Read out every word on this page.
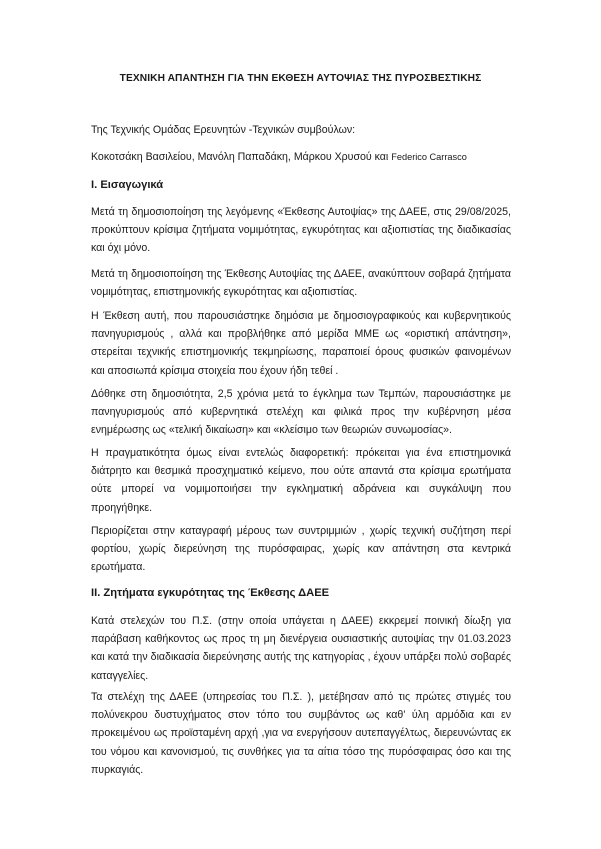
ΤΕΧΝΙΚΗ ΑΠΑΝΤΗΣΗ ΓΙΑ ΤΗΝ ΕΚΘΕΣΗ ΑΥΤΟΨΙΑΣ ΤΗΣ ΠΥΡΟΣΒΕΣΤΙΚΗΣ
Της Τεχνικής Ομάδας Ερευνητών -Τεχνικών συμβούλων:
Κοκοτσάκη Βασιλείου, Μανόλη Παπαδάκη, Μάρκου Χρυσού και Federico Carrasco
Ι. Εισαγωγικά

Μετά τη δημοσιοποίηση της λεγόμενης «Έκθεσης Αυτοψίας» της ΔΑΕΕ, στις 29/08/2025, προκύπτουν κρίσιμα ζητήματα νομιμότητας, εγκυρότητας και αξιοπιστίας της διαδικασίας και όχι μόνο.

Μετά τη δημοσιοποίηση της Έκθεσης Αυτοψίας της ΔΑΕΕ, ανακύπτουν σοβαρά ζητήματα νομιμότητας, επιστημονικής εγκυρότητας και αξιοπιστίας.

Η Έκθεση αυτή, που παρουσιάστηκε δημόσια με δημοσιογραφικούς και κυβερνητικούς πανηγυρισμούς , αλλά και προβλήθηκε από μερίδα ΜΜΕ ως «οριστική απάντηση», στερείται τεχνικής επιστημονικής τεκμηρίωσης, παραποιεί όρους φυσικών φαινομένων και αποσιωπά κρίσιμα στοιχεία που έχουν ήδη τεθεί .

Δόθηκε στη δημοσιότητα, 2,5 χρόνια μετά το έγκλημα των Τεμπών, παρουσιάστηκε με πανηγυρισμούς από κυβερνητικά στελέχη και φιλικά προς την κυβέρνηση μέσα ενημέρωσης ως «τελική δικαίωση» και «κλείσιμο των θεωριών συνωμοσίας».

Η πραγματικότητα όμως είναι εντελώς διαφορετική: πρόκειται για ένα επιστημονικά διάτρητο και θεσμικά προσχηματικό κείμενο, που ούτε απαντά στα κρίσιμα ερωτήματα ούτε μπορεί να νομιμοποιήσει την εγκληματική αδράνεια και συγκάλυψη που προηγήθηκε.

Περιορίζεται στην καταγραφή μέρους των συντριμμιών , χωρίς τεχνική συζήτηση περί φορτίου, χωρίς διερεύνηση της πυρόσφαιρας, χωρίς καν απάντηση στα κεντρικά ερωτήματα.

ΙΙ. Ζητήματα εγκυρότητας της Έκθεσης ΔΑΕΕ

Κατά στελεχών του Π.Σ. (στην οποία υπάγεται η ΔΑΕΕ) εκκρεμεί ποινική δίωξη για παράβαση καθήκοντος ως προς τη μη διενέργεια ουσιαστικής αυτοψίας την 01.03.2023 και κατά την διαδικασία διερεύνησης αυτής της κατηγορίας , έχουν υπάρξει πολύ σοβαρές καταγγελίες.

Τα στελέχη της ΔΑΕΕ (υπηρεσίας του Π.Σ. ), μετέβησαν από τις πρώτες στιγμές του πολύνεκρου δυστυχήματος στον τόπο του συμβάντος ως καθ’ ύλη αρμόδια και εν προκειμένου ως προϊσταμένη αρχή ,για να ενεργήσουν αυτεπαγγέλτως, διερευνώντας εκ του νόμου και κανονισμού, τις συνθήκες για τα αίτια τόσο της πυρόσφαιρας όσο και της πυρκαγιάς.
